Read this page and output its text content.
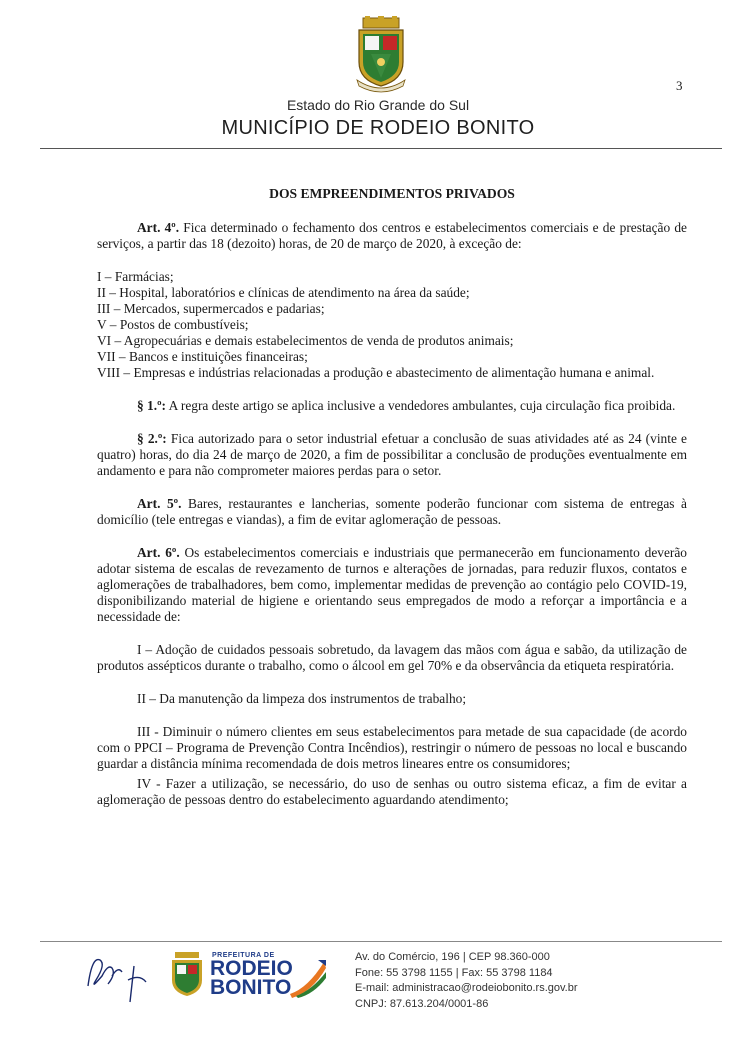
3
Estado do Rio Grande do Sul
MUNICÍPIO DE RODEIO BONITO
DOS EMPREENDIMENTOS PRIVADOS

Art. 4º. Fica determinado o fechamento dos centros e estabelecimentos comerciais e de prestação de serviços, a partir das 18 (dezoito) horas, de 20 de março de 2020, à exceção de:

I – Farmácias;
II – Hospital, laboratórios e clínicas de atendimento na área da saúde;
III – Mercados, supermercados e padarias;
V – Postos de combustíveis;
VI – Agropecuárias e demais estabelecimentos de venda de produtos animais;
VII – Bancos e instituições financeiras;
VIII – Empresas e indústrias relacionadas a produção e abastecimento de alimentação humana e animal.

§ 1.º: A regra deste artigo se aplica inclusive a vendedores ambulantes, cuja circulação fica proibida.

§ 2.º: Fica autorizado para o setor industrial efetuar a conclusão de suas atividades até as 24 (vinte e quatro) horas, do dia 24 de março de 2020, a fim de possibilitar a conclusão de produções eventualmente em andamento e para não comprometer maiores perdas para o setor.

Art. 5º. Bares, restaurantes e lancherias, somente poderão funcionar com sistema de entregas à domicílio (tele entregas e viandas), a fim de evitar aglomeração de pessoas.

Art. 6º. Os estabelecimentos comerciais e industriais que permanecerão em funcionamento deverão adotar sistema de escalas de revezamento de turnos e alterações de jornadas, para reduzir fluxos, contatos e aglomerações de trabalhadores, bem como, implementar medidas de prevenção ao contágio pelo COVID-19, disponibilizando material de higiene e orientando seus empregados de modo a reforçar a importância e a necessidade de:

I – Adoção de cuidados pessoais sobretudo, da lavagem das mãos com água e sabão, da utilização de produtos assépticos durante o trabalho, como o álcool em gel 70% e da observância da etiqueta respiratória.

II – Da manutenção da limpeza dos instrumentos de trabalho;

III - Diminuir o número clientes em seus estabelecimentos para metade de sua capacidade (de acordo com o PPCI – Programa de Prevenção Contra Incêndios), restringir o número de pessoas no local e buscando guardar a distância mínima recomendada de dois metros lineares entre os consumidores;

IV - Fazer a utilização, se necessário, do uso de senhas ou outro sistema eficaz, a fim de evitar a aglomeração de pessoas dentro do estabelecimento aguardando atendimento;

PREFEITURA DE
RODEIO
BONITO
Av. do Comércio, 196 | CEP 98.360-000
Fone: 55 3798 1155 | Fax: 55 3798 1184
E-mail: administracao@rodeiobonito.rs.gov.br
CNPJ: 87.613.204/0001-86
